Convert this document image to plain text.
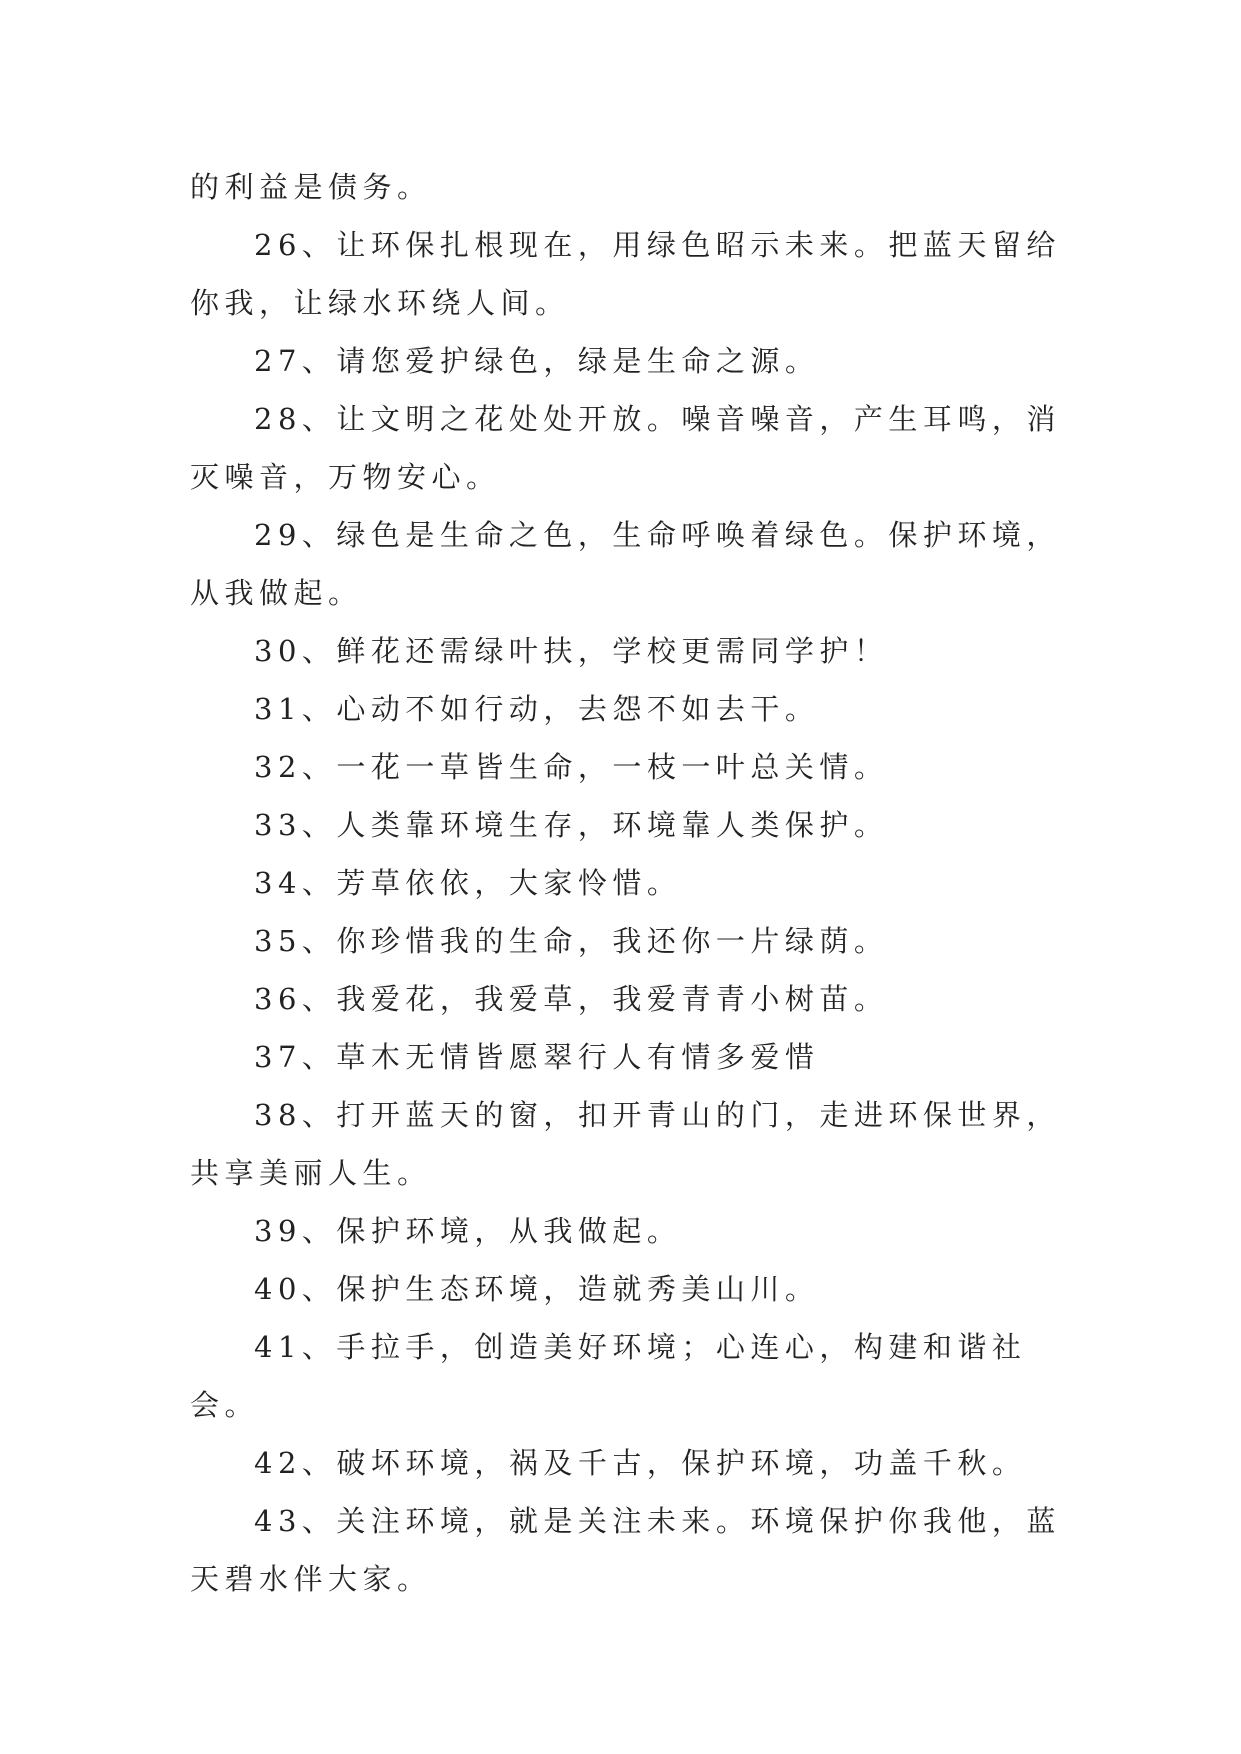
的利益是债务。

26、让环保扎根现在，用绿色昭示未来。把蓝天留给你我，让绿水环绕人间。

27、请您爱护绿色，绿是生命之源。

28、让文明之花处处开放。噪音噪音，产生耳鸣，消灭噪音，万物安心。

29、绿色是生命之色，生命呼唤着绿色。保护环境，从我做起。

30、鲜花还需绿叶扶，学校更需同学护！

31、心动不如行动，去怨不如去干。

32、一花一草皆生命，一枝一叶总关情。

33、人类靠环境生存，环境靠人类保护。

34、芳草依依，大家怜惜。

35、你珍惜我的生命，我还你一片绿荫。

36、我爱花，我爱草，我爱青青小树苗。

37、草木无情皆愿翠行人有情多爱惜

38、打开蓝天的窗，扣开青山的门，走进环保世界，共享美丽人生。

39、保护环境，从我做起。

40、保护生态环境，造就秀美山川。

41、手拉手，创造美好环境；心连心，构建和谐社会。

42、破坏环境，祸及千古，保护环境，功盖千秋。

43、关注环境，就是关注未来。环境保护你我他，蓝天碧水伴大家。
